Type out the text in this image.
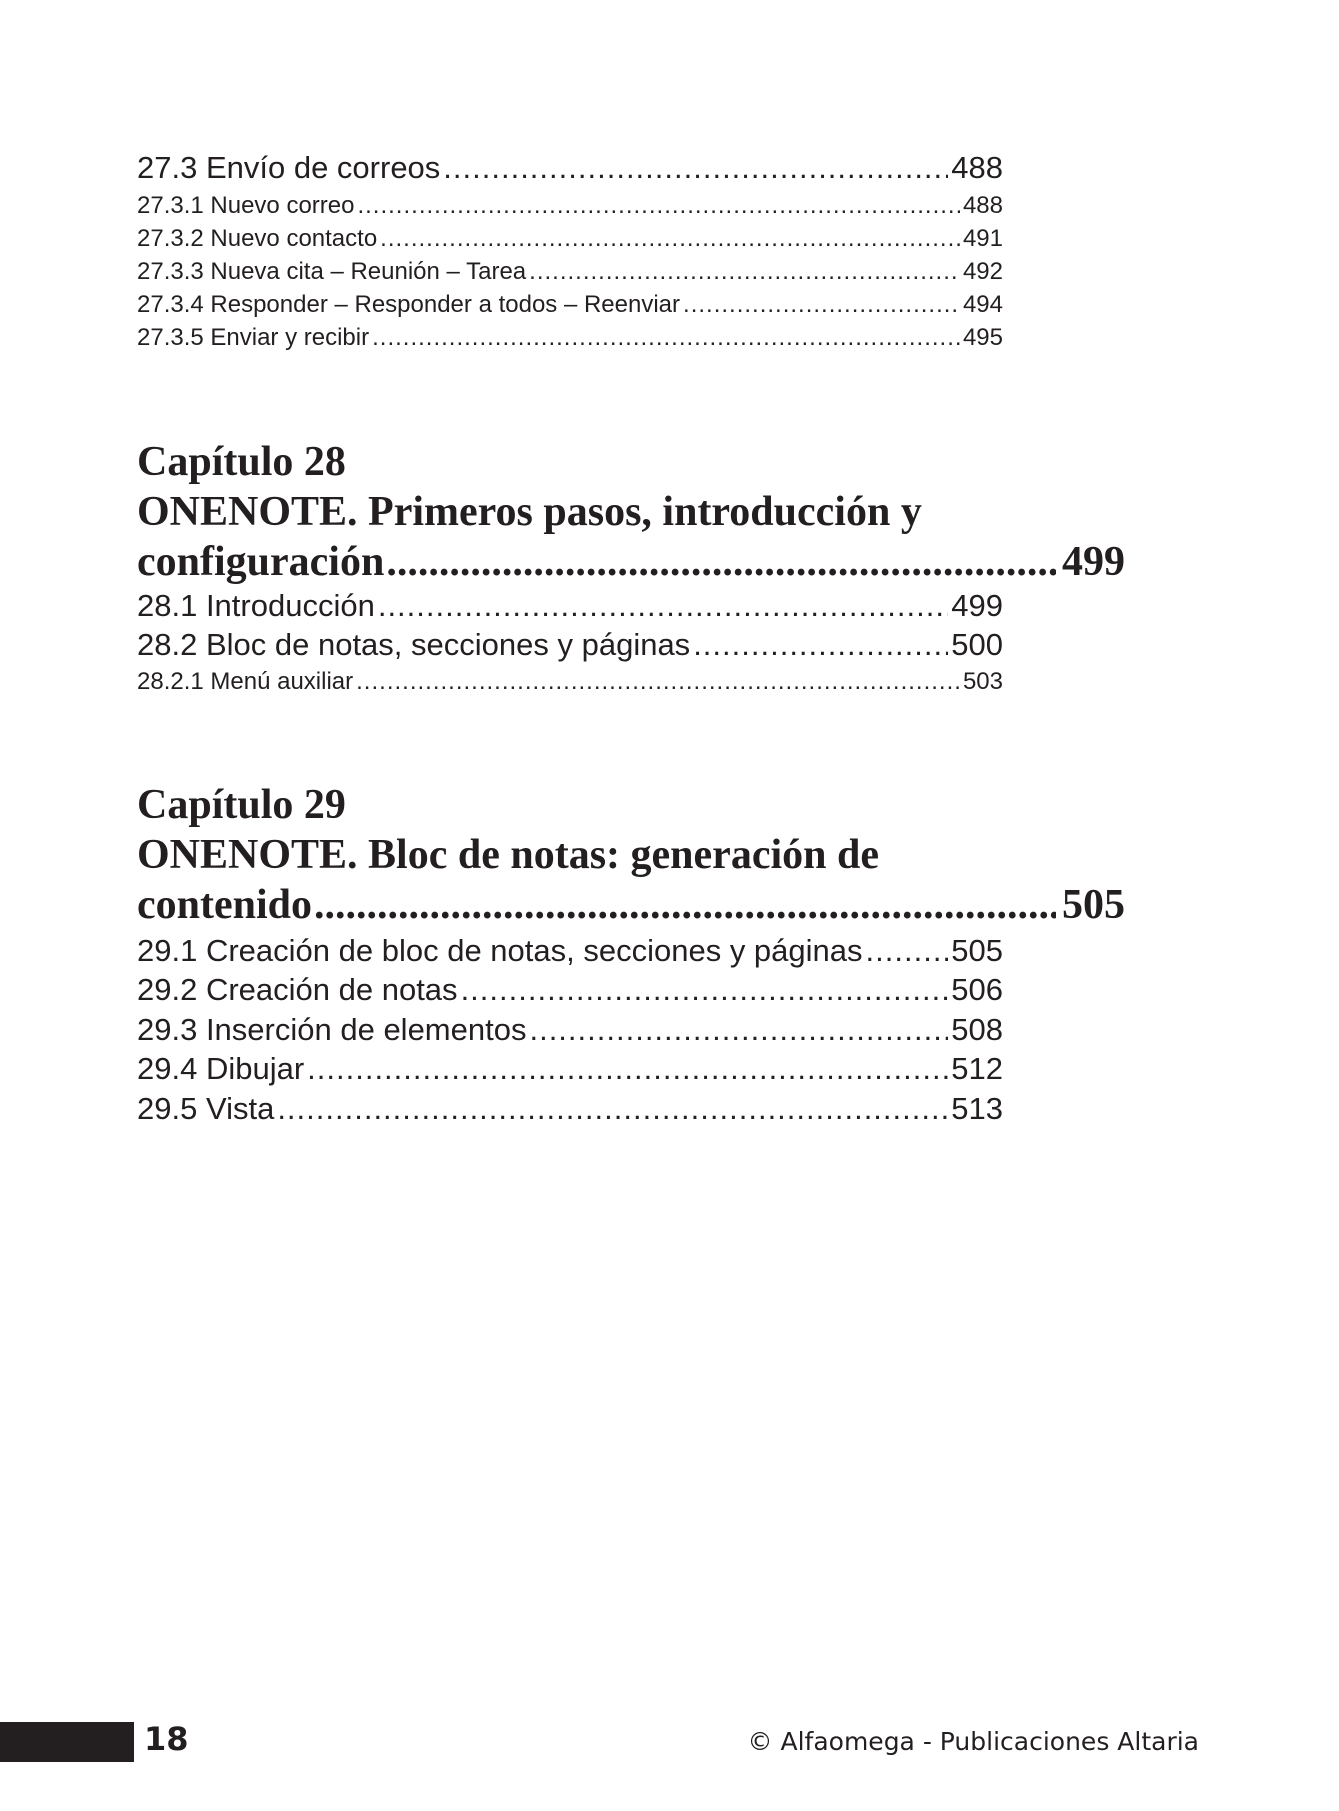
27.3 Envío de correos .....	488
27.3.1 Nuevo correo .....	488
27.3.2 Nuevo contacto .....	491
27.3.3 Nueva cita – Reunión – Tarea .....	492
27.3.4 Responder – Responder a todos – Reenviar .....	494
27.3.5 Enviar y recibir .....	495
Capítulo 28
ONENOTE. Primeros pasos, introducción y
configuración .....	499
28.1 Introducción .....	499
28.2 Bloc de notas, secciones y páginas .....	500
28.2.1 Menú auxiliar .....	503
Capítulo 29
ONENOTE. Bloc de notas: generación de
contenido .....	505
29.1 Creación de bloc de notas, secciones y páginas .....	505
29.2 Creación de notas .....	506
29.3 Inserción de elementos .....	508
29.4 Dibujar .....	512
29.5 Vista .....	513
18	© Alfaomega - Publicaciones Altaria
